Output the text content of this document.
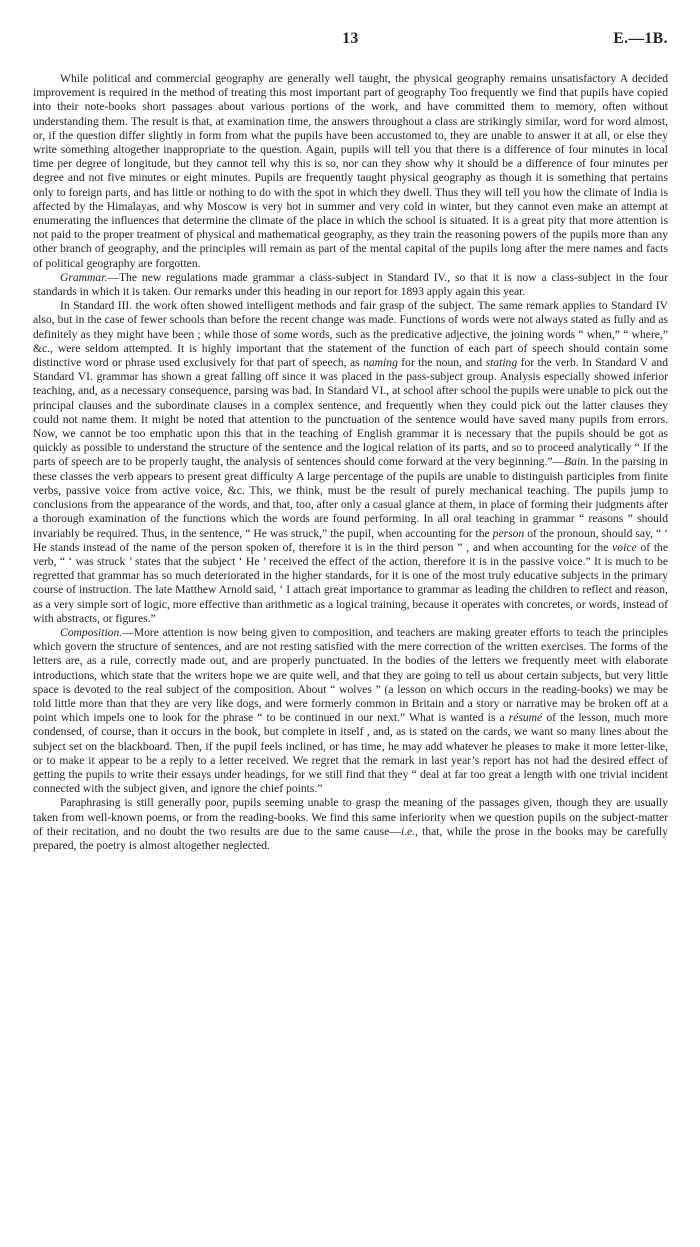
13	E.—1B.

While political and commercial geography are generally well taught, the physical geography remains unsatisfactory A decided improvement is required in the method of treating this most important part of geography Too frequently we find that pupils have copied into their note-books short passages about various portions of the work, and have committed them to memory, often without understanding them. The result is that, at examination time, the answers throughout a class are strikingly similar, word for word almost, or, if the question differ slightly in form from what the pupils have been accustomed to, they are unable to answer it at all, or else they write something altogether inappropriate to the question. Again, pupils will tell you that there is a difference of four minutes in local time per degree of longitude, but they cannot tell why this is so, nor can they show why it should be a difference of four minutes per degree and not five minutes or eight minutes. Pupils are frequently taught physical geography as though it is something that pertains only to foreign parts, and has little or nothing to do with the spot in which they dwell. Thus they will tell you how the climate of India is affected by the Himalayas, and why Moscow is very hot in summer and very cold in winter, but they cannot even make an attempt at enumerating the influences that determine the climate of the place in which the school is situated. It is a great pity that more attention is not paid to the proper treatment of physical and mathematical geography, as they train the reasoning powers of the pupils more than any other branch of geography, and the principles will remain as part of the mental capital of the pupils long after the mere names and facts of political geography are forgotten.

Grammar.—The new regulations made grammar a class-subject in Standard IV., so that it is now a class-subject in the four standards in which it is taken. Our remarks under this heading in our report for 1893 apply again this year.

In Standard III. the work often showed intelligent methods and fair grasp of the subject. The same remark applies to Standard IV also, but in the case of fewer schools than before the recent change was made. Functions of words were not always stated as fully and as definitely as they might have been ; while those of some words, such as the predicative adjective, the joining words “ when,” “ where,” &c., were seldom attempted. It is highly important that the statement of the function of each part of speech should contain some distinctive word or phrase used exclusively for that part of speech, as naming for the noun, and stating for the verb. In Standard V and Standard VI. grammar has shown a great falling off since it was placed in the pass-subject group. Analysis especially showed inferior teaching, and, as a necessary consequence, parsing was bad. In Standard VI., at school after school the pupils were unable to pick out the principal clauses and the subordinate clauses in a complex sentence, and frequently when they could pick out the latter clauses they could not name them. It might be noted that attention to the punctuation of the sentence would have saved many pupils from errors. Now, we cannot be too emphatic upon this that in the teaching of English grammar it is necessary that the pupils should be got as quickly as possible to understand the structure of the sentence and the logical relation of its parts, and so to proceed analytically “ If the parts of speech are to be properly taught, the analysis of sentences should come forward at the very beginning.”—Bain. In the parsing in these classes the verb appears to present great difficulty A large percentage of the pupils are unable to distinguish participles from finite verbs, passive voice from active voice, &c. This, we think, must be the result of purely mechanical teaching. The pupils jump to conclusions from the appearance of the words, and that, too, after only a casual glance at them, in place of forming their judgments after a thorough examination of the functions which the words are found performing. In all oral teaching in grammar “ reasons ” should invariably be required. Thus, in the sentence, “ He was struck,” the pupil, when accounting for the person of the pronoun, should say, “ ‘ He stands instead of the name of the person spoken of, therefore it is in the third person ” , and when accounting for the voice of the verb, “ ‘ was struck ’ states that the subject ‘ He ’ received the effect of the action, therefore it is in the passive voice.” It is much to be regretted that grammar has so much deteriorated in the higher standards, for it is one of the most truly educative subjects in the primary course of instruction. The late Matthew Arnold said, ‘ I attach great importance to grammar as leading the children to reflect and reason, as a very simple sort of logic, more effective than arithmetic as a logical training, because it operates with concretes, or words, instead of with abstracts, or figures.”

Composition.—More attention is now being given to composition, and teachers are making greater efforts to teach the principles which govern the structure of sentences, and are not resting satisfied with the mere correction of the written exercises. The forms of the letters are, as a rule, correctly made out, and are properly punctuated. In the bodies of the letters we frequently meet with elaborate introductions, which state that the writers hope we are quite well, and that they are going to tell us about certain subjects, but very little space is devoted to the real subject of the composition. About “ wolves ” (a lesson on which occurs in the reading-books) we may be told little more than that they are very like dogs, and were formerly common in Britain and a story or narrative may be broken off at a point which impels one to look for the phrase “ to be continued in our next.” What is wanted is a résumé of the lesson, much more condensed, of course, than it occurs in the book, but complete in itself , and, as is stated on the cards, we want so many lines about the subject set on the blackboard. Then, if the pupil feels inclined, or has time, he may add whatever he pleases to make it more letter-like, or to make it appear to be a reply to a letter received. We regret that the remark in last year’s report has not had the desired effect of getting the pupils to write their essays under headings, for we still find that they “ deal at far too great a length with one trivial incident connected with the subject given, and ignore the chief points.”

Paraphrasing is still generally poor, pupils seeming unable to grasp the meaning of the passages given, though they are usually taken from well-known poems, or from the reading-books. We find this same inferiority when we question pupils on the subject-matter of their recitation, and no doubt the two results are due to the same cause—i.e., that, while the prose in the books may be carefully prepared, the poetry is almost altogether neglected.
